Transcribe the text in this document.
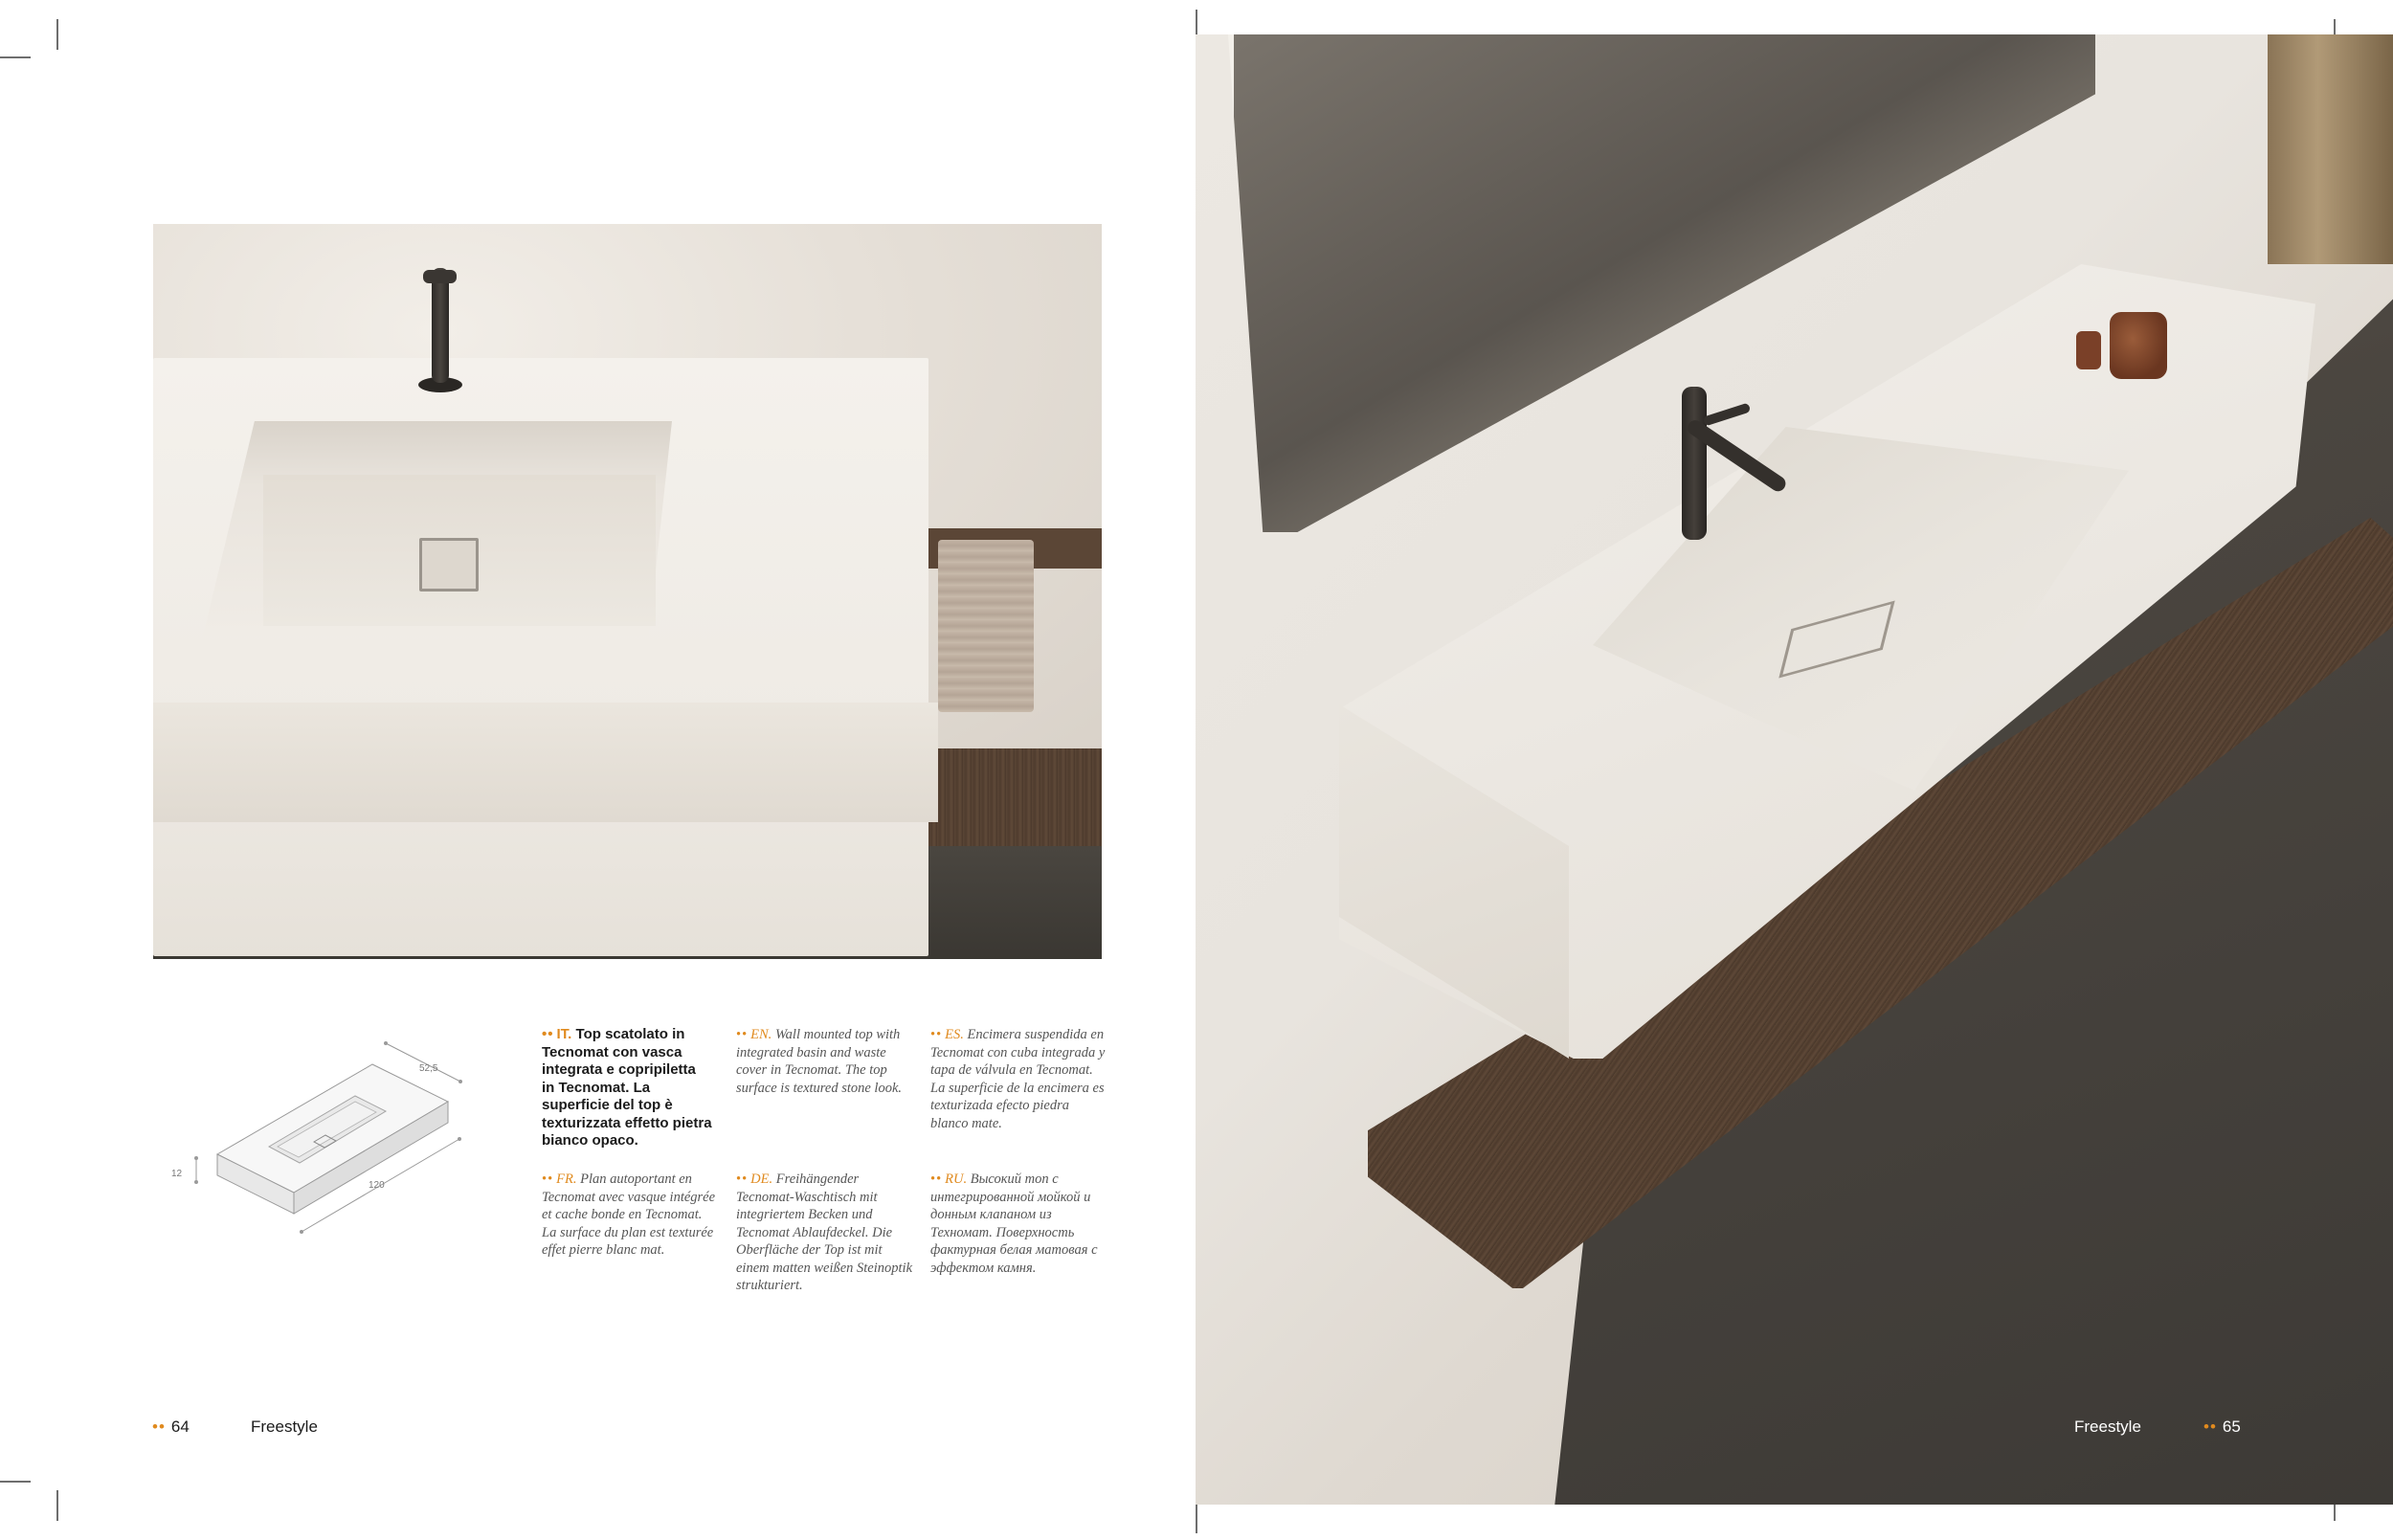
52,5
12
120
•• IT. Top scatolato in Tecnomat con vasca integrata e copripiletta in Tecnomat. La superficie del top è texturizzata effetto pietra bianco opaco.
•• EN. Wall mounted top with integrated basin and waste cover in Tecnomat. The top surface is textured stone look.
•• ES. Encimera suspendida en Tecnomat con cuba integrada y tapa de válvula en Tecnomat. La superficie de la encimera es texturizada efecto piedra blanco mate.
•• FR. Plan autoportant en Tecnomat avec vasque intégrée et cache bonde en Tecnomat. La surface du plan est texturée effet pierre blanc mat.
•• DE. Freihängender Tecnomat-Waschtisch mit integriertem Becken und Tecnomat Ablaufdeckel. Die Oberfläche der Top ist mit einem matten weißen Steinoptik strukturiert.
•• RU. Высокий топ с интегрированной мойкой и донным клапаном из Техномат. Поверхность фактурная белая матовая с эффектом камня.
•• 64	Freestyle	Freestyle	•• 65
